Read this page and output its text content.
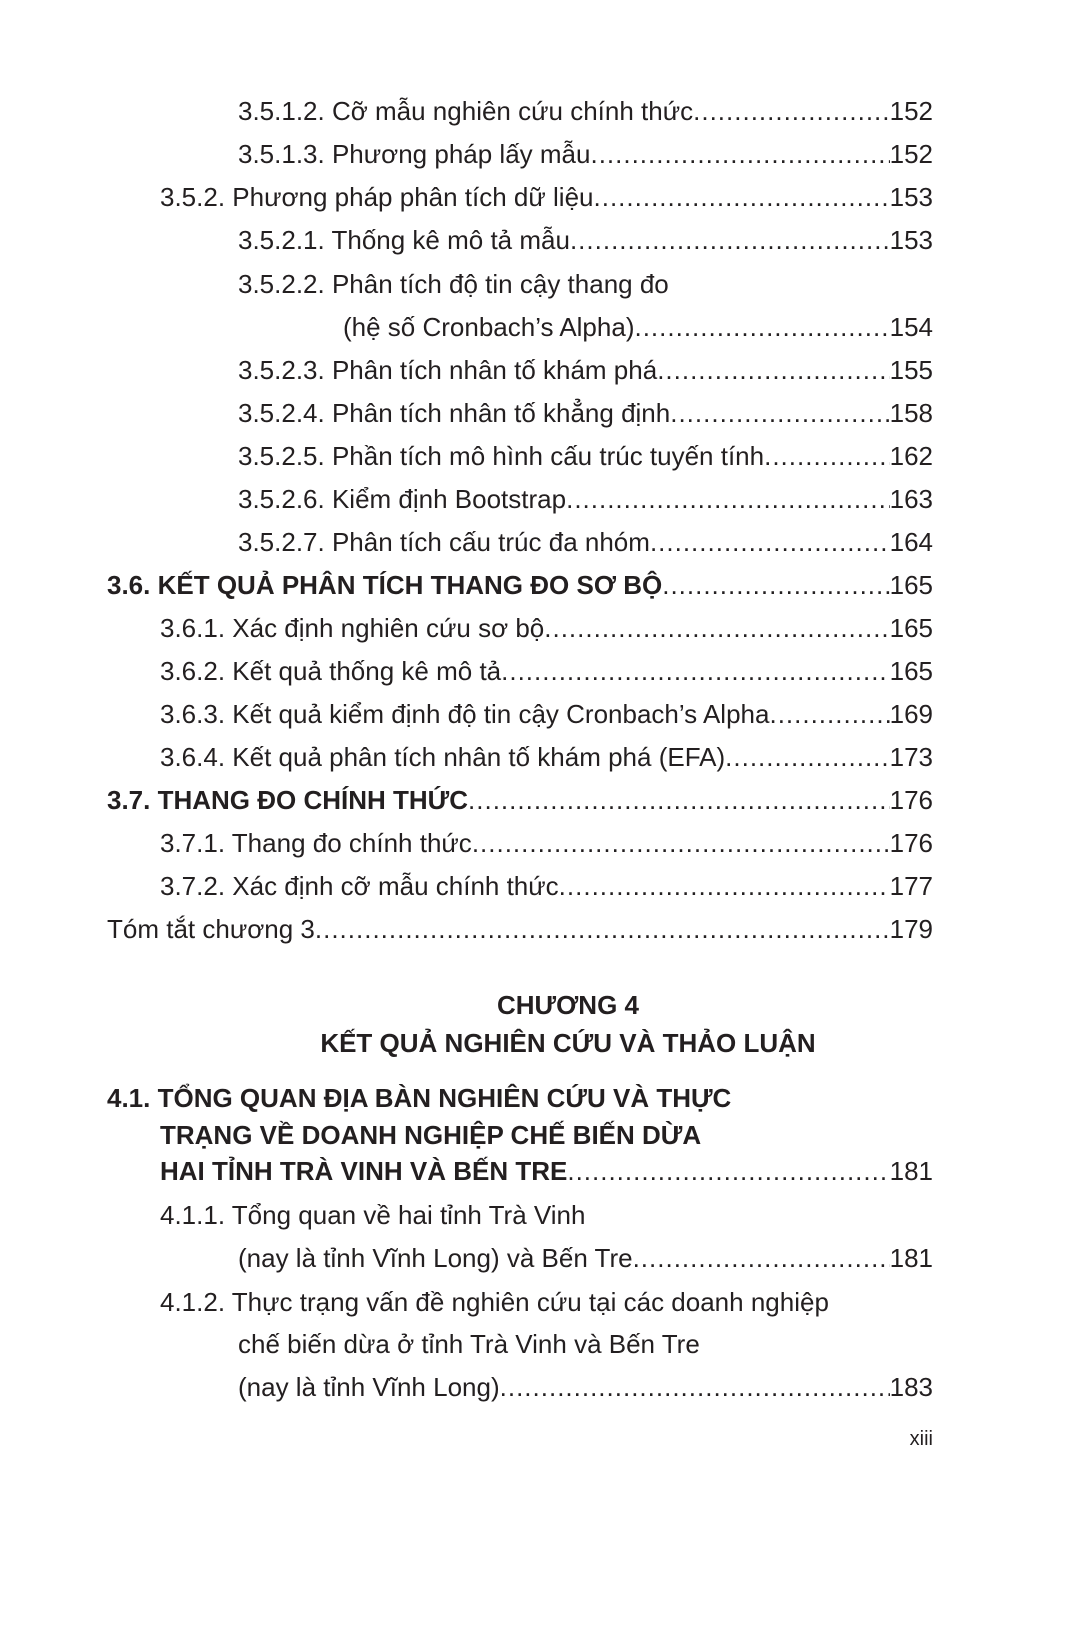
3.5.1.2. Cỡ mẫu nghiên cứu chính thức .....	152
3.5.1.3. Phương pháp lấy mẫu .....	152
3.5.2. Phương pháp phân tích dữ liệu .....	153
3.5.2.1. Thống kê mô tả mẫu .....	153
3.5.2.2. Phân tích độ tin cậy thang đo
(hệ số Cronbach’s Alpha) .....	154
3.5.2.3. Phân tích nhân tố khám phá .....	155
3.5.2.4. Phân tích nhân tố khẳng định .....	158
3.5.2.5. Phần tích mô hình cấu trúc tuyến tính .....	162
3.5.2.6. Kiểm định Bootstrap .....	163
3.5.2.7. Phân tích cấu trúc đa nhóm .....	164
3.6. KẾT QUẢ PHÂN TÍCH THANG ĐO SƠ BỘ .....	165
3.6.1. Xác định nghiên cứu sơ bộ .....	165
3.6.2. Kết quả thống kê mô tả .....	165
3.6.3. Kết quả kiểm định độ tin cậy Cronbach’s Alpha .....	169
3.6.4. Kết quả phân tích nhân tố khám phá (EFA) .....	173
3.7. THANG ĐO CHÍNH THỨC .....	176
3.7.1. Thang đo chính thức .....	176
3.7.2. Xác định cỡ mẫu chính thức .....	177
Tóm tắt chương 3 .....	179
4.1. TỔNG QUAN ĐỊA BÀN NGHIÊN CỨU VÀ THỰC
TRẠNG VỀ DOANH NGHIỆP CHẾ BIẾN DỪA
HAI TỈNH TRÀ VINH VÀ BẾN TRE .....	181
4.1.1. Tổng quan về hai tỉnh Trà Vinh
(nay là tỉnh Vĩnh Long) và Bến Tre .....	181
4.1.2. Thực trạng vấn đề nghiên cứu tại các doanh nghiệp
chế biến dừa ở tỉnh Trà Vinh và Bến Tre
(nay là tỉnh Vĩnh Long) .....	183
CHƯƠNG 4
KẾT QUẢ NGHIÊN CỨU VÀ THẢO LUẬN
xiii
